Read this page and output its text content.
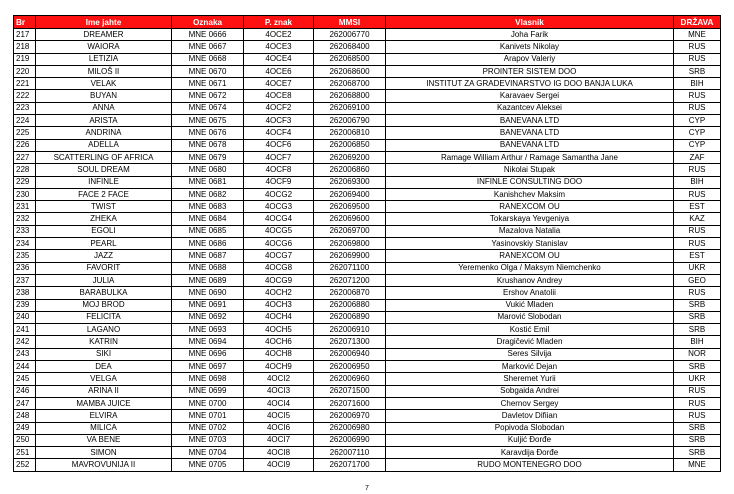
Br	Ime jahte	Oznaka	P. znak	MMSI	Vlasnik	DRŽAVA
217	DREAMER	MNE 0666	4OCE2	262006770	Joha Farik	MNE
218	WAIORA	MNE 0667	4OCE3	262068400	Kanivets Nikolay	RUS
219	LETIZIA	MNE 0668	4OCE4	262068500	Arapov Valeriy	RUS
220	MILOŠ II	MNE 0670	4OCE6	262068600	PROINTER SISTEM DOO	SRB
221	VELAK	MNE 0671	4OCE7	262068700	INSTITUT ZA GRADEVINARSTVO IG DOO BANJA LUKA	BIH
222	BUYAN	MNE 0672	4OCE8	262068800	Karavaev Sergei	RUS
223	ANNA	MNE 0674	4OCF2	262069100	Kazantcev Aleksei	RUS
224	ARISTA	MNE 0675	4OCF3	262006790	BANEVANA LTD	CYP
225	ANDRINA	MNE 0676	4OCF4	262006810	BANEVANA LTD	CYP
226	ADELLA	MNE 0678	4OCF6	262006850	BANEVANA LTD	CYP
227	SCATTERLING OF AFRICA	MNE 0679	4OCF7	262069200	Ramage William Arthur / Ramage Samantha Jane	ZAF
228	SOUL DREAM	MNE 0680	4OCF8	262006860	Nikolai Stupak	RUS
229	INFINLE	MNE 0681	4OCF9	262069300	INFINLE CONSULTING DOO	BIH
230	FACE 2 FACE	MNE 0682	4OCG2	262069400	Kanishchev Maksim	RUS
231	TWIST	MNE 0683	4OCG3	262069500	RANEXCOM OU	EST
232	ZHEKA	MNE 0684	4OCG4	262069600	Tokarskaya Yevgeniya	KAZ
233	EGOLI	MNE 0685	4OCG5	262069700	Mazalova Natalia	RUS
234	PEARL	MNE 0686	4OCG6	262069800	Yasinovskiy Stanislav	RUS
235	JAZZ	MNE 0687	4OCG7	262069900	RANEXCOM OU	EST
236	FAVORIT	MNE 0688	4OCG8	262071100	Yeremenko Olga / Maksym Niemchenko	UKR
237	JULIA	MNE 0689	4OCG9	262071200	Krushanov Andrey	GEO
238	BARABULKA	MNE 0690	4OCH2	262006870	Ershov Anatolii	RUS
239	MOJ BROD	MNE 0691	4OCH3	262006880	Vukić Mladen	SRB
240	FELICITA	MNE 0692	4OCH4	262006890	Marović Slobodan	SRB
241	LAGANO	MNE 0693	4OCH5	262006910	Kostić Emil	SRB
242	KATRIN	MNE 0694	4OCH6	262071300	Dragičević Mladen	BIH
243	SIKI	MNE 0696	4OCH8	262006940	Seres Silvija	NOR
244	DEA	MNE 0697	4OCH9	262006950	Marković Dejan	SRB
245	VELGA	MNE 0698	4OCI2	262006960	Sheremet Yurii	UKR
246	ARINA II	MNE 0699	4OCI3	262071500	Sobgaida Andrei	RUS
247	MAMBA JUICE	MNE 0700	4OCI4	262071600	Chernov Sergey	RUS
248	ELVIRA	MNE 0701	4OCI5	262006970	Davletov Difiian	RUS
249	MILICA	MNE 0702	4OCI6	262006980	Popivoda Slobodan	SRB
250	VA BENE	MNE 0703	4OCI7	262006990	Kuljić Đorđe	SRB
251	SIMON	MNE 0704	4OCI8	262007110	Karavdija Đorđe	SRB
252	MAVROVUNIJA II	MNE 0705	4OCI9	262071700	RUDO MONTENEGRO DOO	MNE
7
